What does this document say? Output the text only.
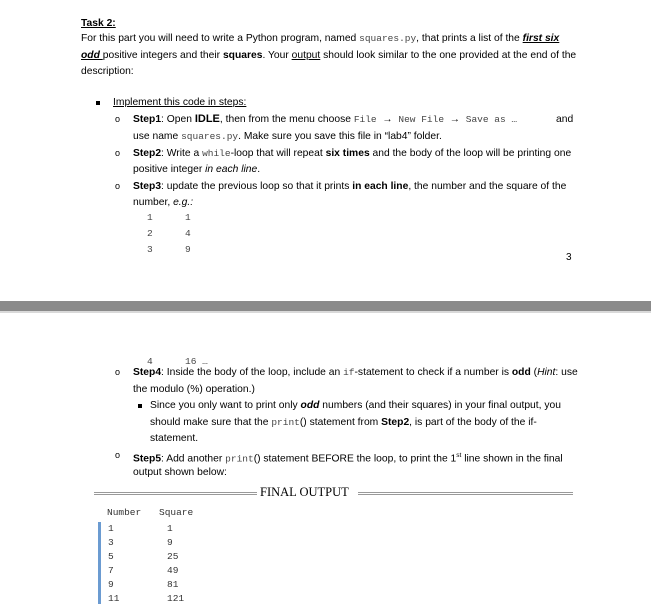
Task 2:
For this part you will need to write a Python program, named squares.py, that prints a list of the first six
odd positive integers and their squares. Your output should look similar to the one provided at the end of the
description:
Implement this code in steps:
o Step1: Open IDLE, then from the menu choose File → New File → Save as …	and
use name squares.py. Make sure you save this file in “lab4” folder.
o Step2: Write a while-loop that will repeat six times and the body of the loop will be printing one
positive integer in each line.
o Step3: update the previous loop so that it prints in each line, the number and the square of the
number, e.g.:
1	1
2	4
3	9
3
4	16 …
o Step4: Inside the body of the loop, include an if-statement to check if a number is odd (Hint: use
the modulo (%) operation.)
Since you only want to print only odd numbers (and their squares) in your final output, you
should make sure that the print() statement from Step2, is part of the body of the if-
statement.
o Step5: Add another print() statement BEFORE the loop, to print the 1st line shown in the final
output shown below:
FINAL OUTPUT
Number Square
1	1
3	9
5	25
7	49
9	81
11	121
